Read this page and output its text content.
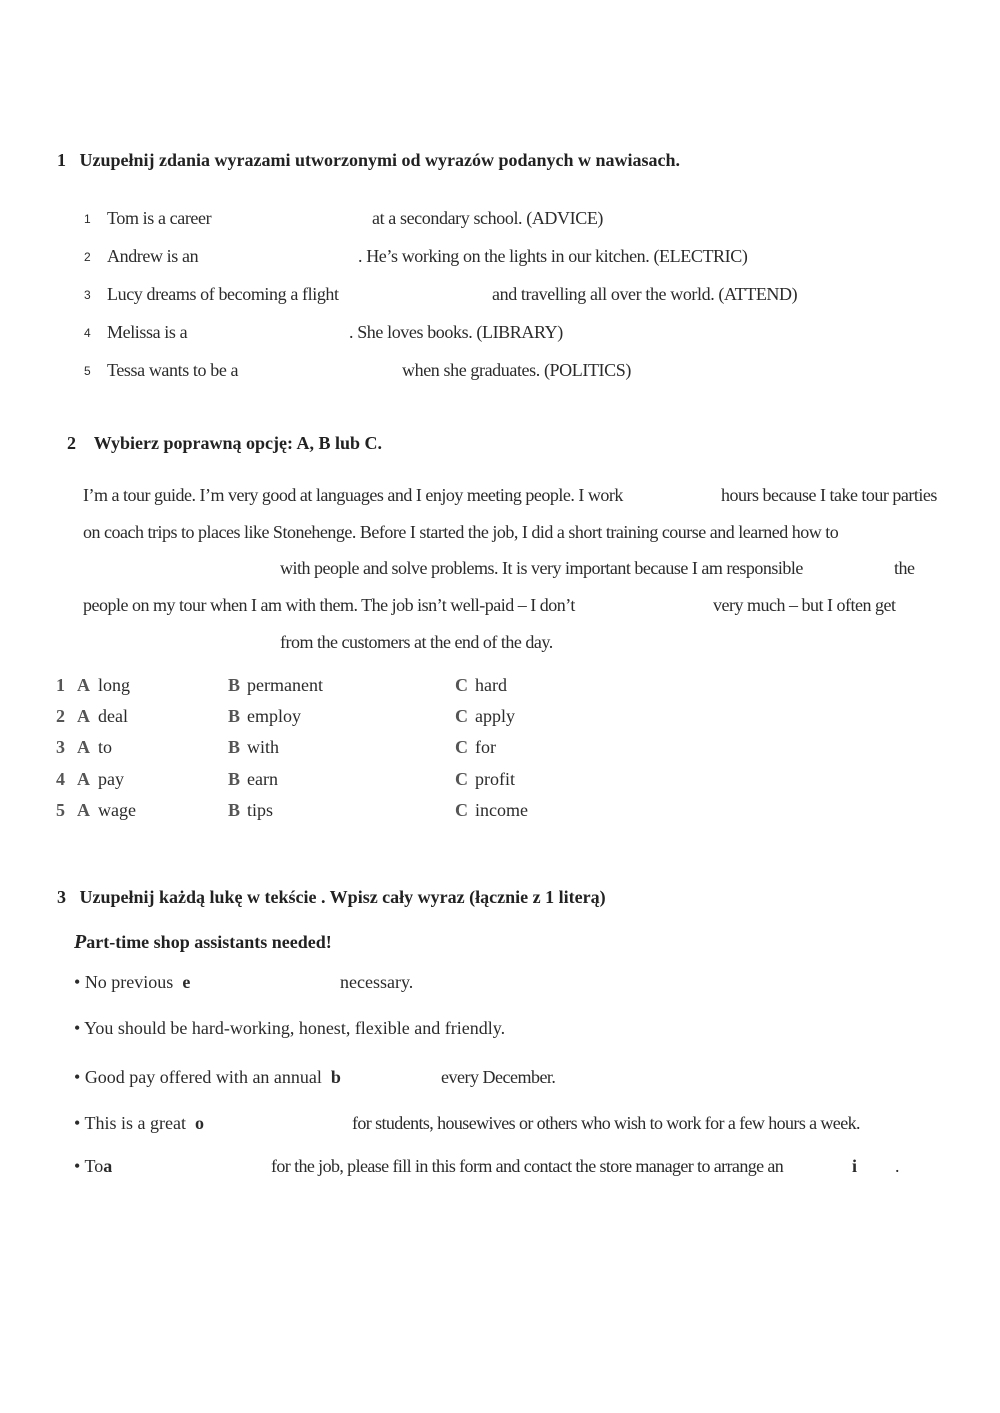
1 Uzupełnij zdania wyrazami utworzonymi od wyrazów podanych w nawiasach.
1 Tom is a career	at a secondary school. (ADVICE)
2 Andrew is an	. He’s working on the lights in our kitchen. (ELECTRIC)
3 Lucy dreams of becoming a flight	and travelling all over the world. (ATTEND)
4 Melissa is a	. She loves books. (LIBRARY)
5 Tessa wants to be a	when she graduates. (POLITICS)
2 Wybierz poprawną opcję: A, B lub C.
I’m a tour guide. I’m very good at languages and I enjoy meeting people. I work	hours because I take tour parties
on coach trips to places like Stonehenge. Before I started the job, I did a short training course and learned how to
with people and solve problems. It is very important because I am responsible	the
people on my tour when I am with them. The job isn’t well-paid – I don’t	very much – but I often get
from the customers at the end of the day.
1 A long	B permanent	C hard
2 A deal	B employ	C apply
3 A to	B with	C for
4 A pay	B earn	C profit
5 A wage	B tips	C income
3 Uzupełnij każdą lukę w tekście . Wpisz cały wyraz (łącznie z 1 literą)
Part-time shop assistants needed!
• No previous e	necessary.
• You should be hard-working, honest, flexible and friendly.
• Good pay offered with an annual b	every December.
• This is a great o	for students, housewives or others who wish to work for a few hours a week.
• Toa	for the job, please fill in this form and contact the store manager to arrange an	i .
